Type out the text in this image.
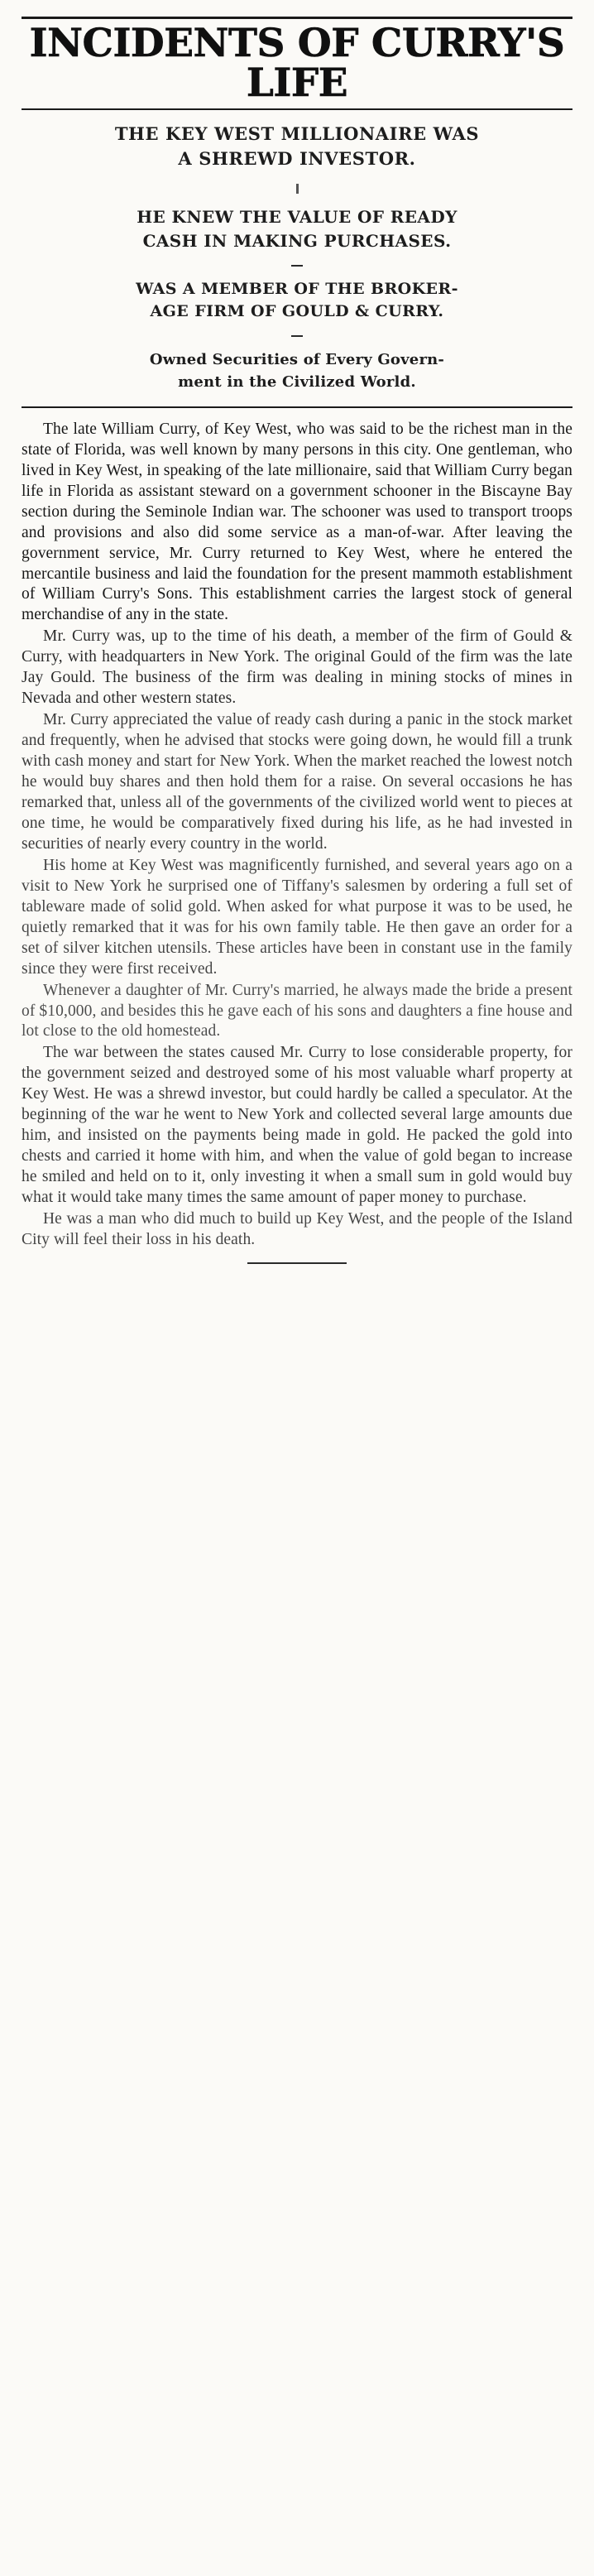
INCIDENTS OF CURRY'S LIFE
THE KEY WEST MILLIONAIRE WAS
A SHREWD INVESTOR.
HE KNEW THE VALUE OF READY
CASH IN MAKING PURCHASES.
WAS A MEMBER OF THE BROKER-
AGE FIRM OF GOULD & CURRY.
Owned Securities of Every Govern-
ment in the Civilized World.

The late William Curry, of Key West, who was said to be the richest man in the state of Florida, was well known by many persons in this city. One gentleman, who lived in Key West, in speaking of the late millionaire, said that William Curry began life in Florida as assistant steward on a government schooner in the Biscayne Bay section during the Seminole Indian war. The schooner was used to transport troops and provisions and also did some service as a man-of-war. After leaving the government service, Mr. Curry returned to Key West, where he entered the mercantile business and laid the foundation for the present mammoth establishment of William Curry's Sons. This establishment carries the largest stock of general merchandise of any in the state.

Mr. Curry was, up to the time of his death, a member of the firm of Gould & Curry, with headquarters in New York. The original Gould of the firm was the late Jay Gould. The business of the firm was dealing in mining stocks of mines in Nevada and other western states.

Mr. Curry appreciated the value of ready cash during a panic in the stock market and frequently, when he advised that stocks were going down, he would fill a trunk with cash money and start for New York. When the market reached the lowest notch he would buy shares and then hold them for a raise. On several occasions he has remarked that, unless all of the governments of the civilized world went to pieces at one time, he would be comparatively fixed during his life, as he had invested in securities of nearly every country in the world.

His home at Key West was magnificently furnished, and several years ago on a visit to New York he surprised one of Tiffany's salesmen by ordering a full set of tableware made of solid gold. When asked for what purpose it was to be used, he quietly remarked that it was for his own family table. He then gave an order for a set of silver kitchen utensils. These articles have been in constant use in the family since they were first received.

Whenever a daughter of Mr. Curry's married, he always made the bride a present of $10,000, and besides this he gave each of his sons and daughters a fine house and lot close to the old homestead.

The war between the states caused Mr. Curry to lose considerable property, for the government seized and destroyed some of his most valuable wharf property at Key West. He was a shrewd investor, but could hardly be called a speculator. At the beginning of the war he went to New York and collected several large amounts due him, and insisted on the payments being made in gold. He packed the gold into chests and carried it home with him, and when the value of gold began to increase he smiled and held on to it, only investing it when a small sum in gold would buy what it would take many times the same amount of paper money to purchase.

He was a man who did much to build up Key West, and the people of the Island City will feel their loss in his death.
